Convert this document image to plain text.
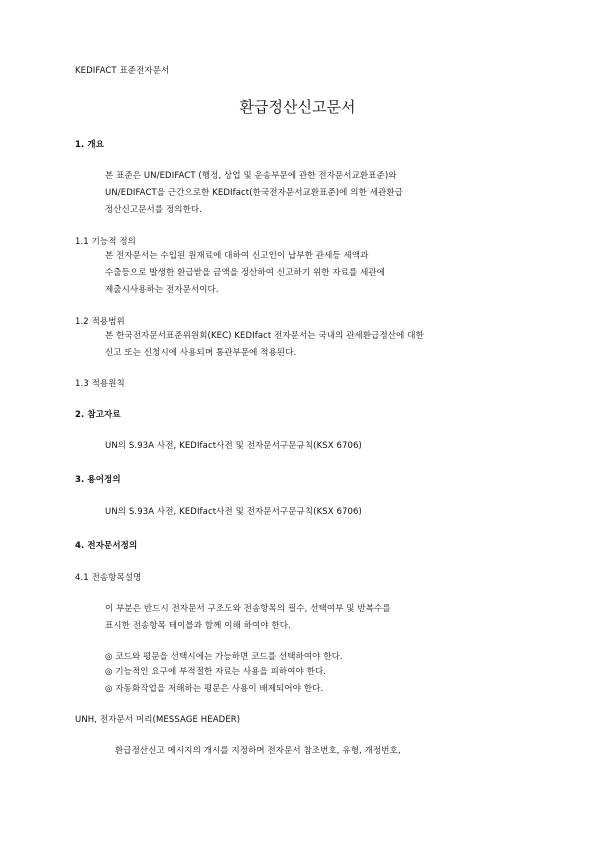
KEDIFACT 표준전자문서
환급정산신고문서
1. 개요
본 표준은 UN/EDIFACT (행정, 상업 및 운송부문에 관한 전자문서교환표준)와
UN/EDIFACT을 근간으로한 KEDIfact(한국전자문서교환표준)에 의한 세관환급
정산신고문서를 정의한다.
1.1 기능적 정의
본 전자문서는 수입된 원재료에 대하여 신고인이 납부한 관세등 세액과
수출등으로 발생한 환급받을 금액을 정산하여 신고하기 위한 자료를 세관에
제출시사용하는 전자문서이다.
1.2 적용범위
본 한국전자문서표준위원회(KEC) KEDIfact 전자문서는 국내의 관세환급정산에 대한
신고 또는 신청시에 사용되며 통관부문에 적용된다.
1.3 적용원칙
2. 참고자료
UN의 S.93A 사전, KEDIfact사전 및 전자문서구문규칙(KSX 6706)
3. 용어정의
UN의 S.93A 사전, KEDIfact사전 및 전자문서구문규칙(KSX 6706)
4. 전자문서정의
4.1 전송항목설명
이 부분은 반드시 전자문서 구조도와 전송항목의 필수, 선택여부 및 반복수를
표시한 전송항목 테이블과 함께 이해 하여야 한다.
◎ 코드와 평문을 선택시에는 가능하면 코드를 선택하여야 한다.
◎ 기능적인 요구에 부적절한 자료는 사용을 피하여야 한다.
◎ 자동화작업을 저해하는 평문은 사용이 배제되어야 한다.
UNH, 전자문서 머리(MESSAGE HEADER)
환급정산신고 메시지의 개시를 지정하며 전자문서 참조번호, 유형, 개정번호,
